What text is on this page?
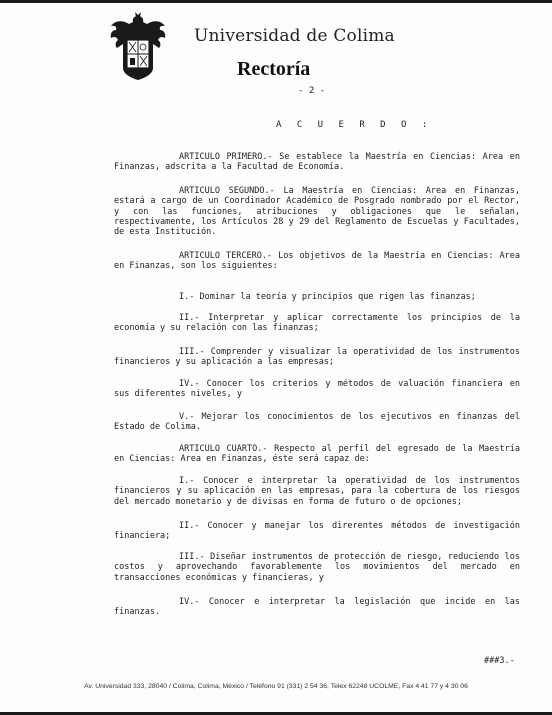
Universidad de Colima
Rectoría
- 2 -
A C U E R D O :

ARTICULO PRIMERO.- Se establece la Maestría en Ciencias: Area en Finanzas, adscrita a la Facultad de Economía.

ARTICULO SEGUNDO.- La Maestría en Ciencias: Area en Finanzas, estará a cargo de un Coordinador Académico de Posgrado nombrado por el Rector, y con las funciones, atribuciones y obligaciones que le señalan, respectivamente, los Artículos 28 y 29 del Reglamento de Escuelas y Facultades, de esta Institución.

ARTICULO TERCERO.- Los objetivos de la Maestría en Ciencias: Area en Finanzas, son los siguientes:

I.- Dominar la teoría y principios que rigen las finanzas;

II.- Interpretar y aplicar correctamente los principios de la economía y su relación con las finanzas;

III.- Comprender y visualizar la operatividad de los instrumentos financieros y su aplicación a las empresas;

IV.- Conocer los criterios y métodos de valuación financiera en sus diferentes niveles, y

V.- Mejorar los conocimientos de los ejecutivos en finanzas del Estado de Colima.

ARTICULO CUARTO.- Respecto al perfil del egresado de la Maestría en Ciencias: Area en Finanzas, éste será capaz de:

I.- Conocer e interpretar la operatividad de los instrumentos financieros y su aplicación en las empresas, para la cobertura de los riesgos del mercado monetario y de divisas en forma de futuro o de opciones;

II.- Conocer y manejar los direrentes métodos de investigación financiera;

III.- Diseñar instrumentos de protección de riesgo, reduciendo los costos y aprovechando favorablemente los movimientos del mercado en transacciones económicas y financieras, y

IV.- Conocer e interpretar la legislación que incide en las finanzas.

###3.-
Av. Universidad 333, 28040 / Colima, Colima, México / Teléfono 91 (331) 2 54 36, Telex 62248 UCOLME, Fax 4 41 77 y 4 30 06
